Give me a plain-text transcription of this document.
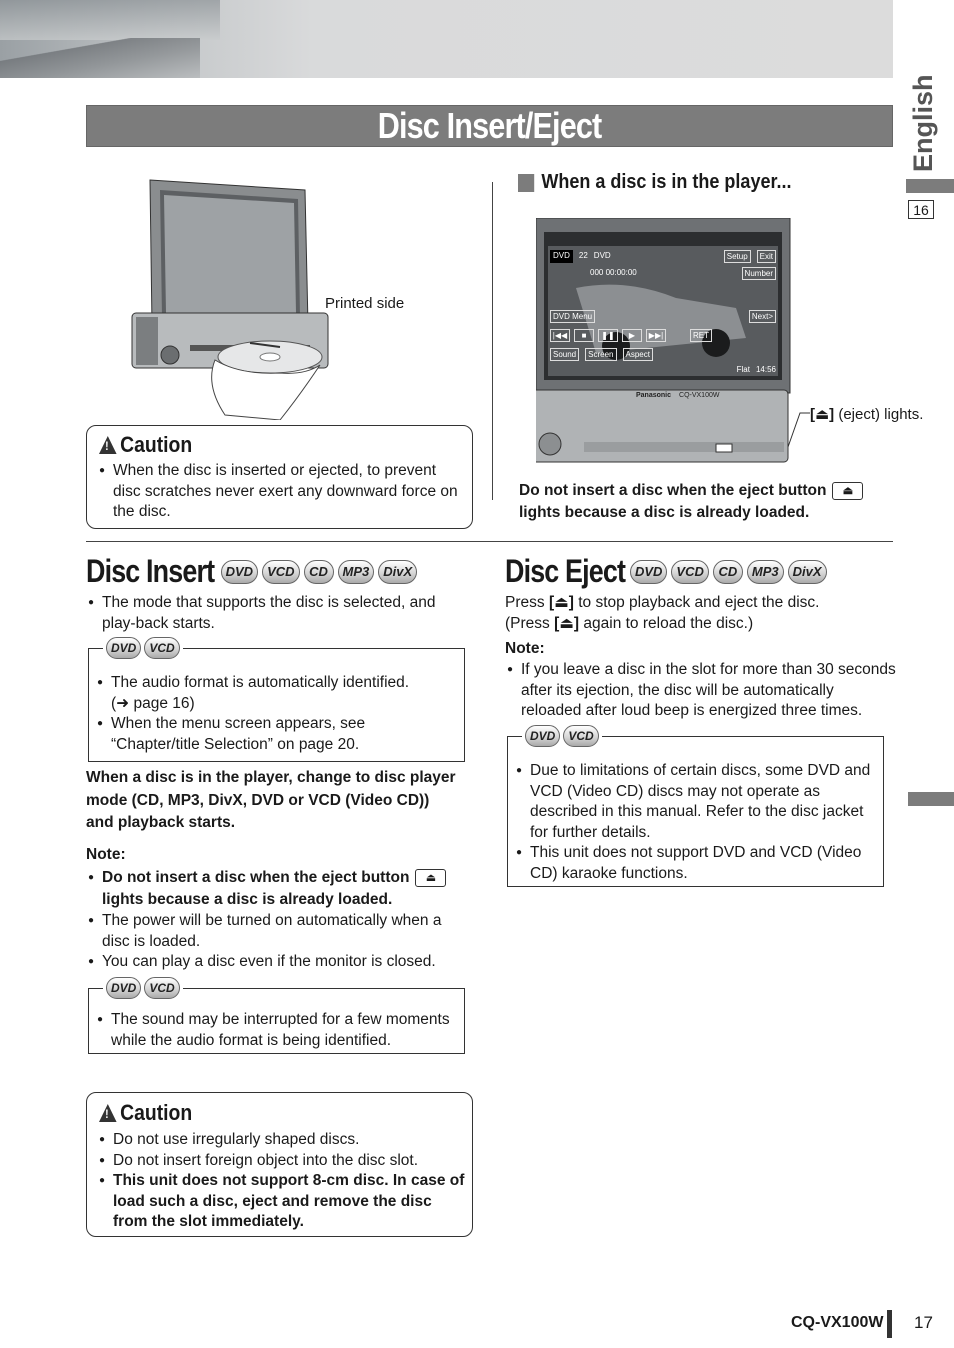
Disc Insert/Eject	English
16
Printed side
!
Caution
● When the disc is inserted or ejected, to prevent disc scratches never exert any downward force on the disc.
When a disc is in the player...
DVD	22 DVD	Setup	Exit
000 00:00:00	Number
DVD Menu	Next>
|◀◀	■	❚❚	▶	▶▶|	RET
Sound	Screen	Aspect
Flat 14:56
Panasonic CQ-VX100W
[⏏] (eject) lights.
Do not insert a disc when the eject button ⏏lights because a disc is already loaded.
Disc Insert DVD	VCD	CD	MP3	DivX
● The mode that supports the disc is selected, and play-back starts.
DVD	VCD
● The audio format is automatically identified.
(➜ page 16)
● When the menu screen appears, see “Chapter/title Selection” on page 20.
When a disc is in the player, change to disc player mode (CD, MP3, DivX, DVD or VCD (Video CD)) and playback starts.
Note:
● Do not insert a disc when the eject button ⏏
lights because a disc is already loaded.
● The power will be turned on automatically when a disc is loaded.
● You can play a disc even if the monitor is closed.
DVD	VCD
● The sound may be interrupted for a few moments while the audio format is being identified.
!
Caution
● Do not use irregularly shaped discs.
● Do not insert foreign object into the disc slot.
● This unit does not support 8-cm disc. In case of load such a disc, eject and remove the disc from the slot immediately.
Disc Eject DVD	VCD	CD	MP3	DivX
Press [⏏] to stop playback and eject the disc.
(Press [⏏] again to reload the disc.)
Note:
● If you leave a disc in the slot for more than 30 seconds after its ejection, the disc will be automatically reloaded after loud beep is energized three times.
DVD	VCD
● Due to limitations of certain discs, some DVD and VCD (Video CD) discs may not operate as described in this manual. Refer to the disc jacket for further details.
● This unit does not support DVD and VCD (Video CD) karaoke functions.
CQ-VX100W 17
